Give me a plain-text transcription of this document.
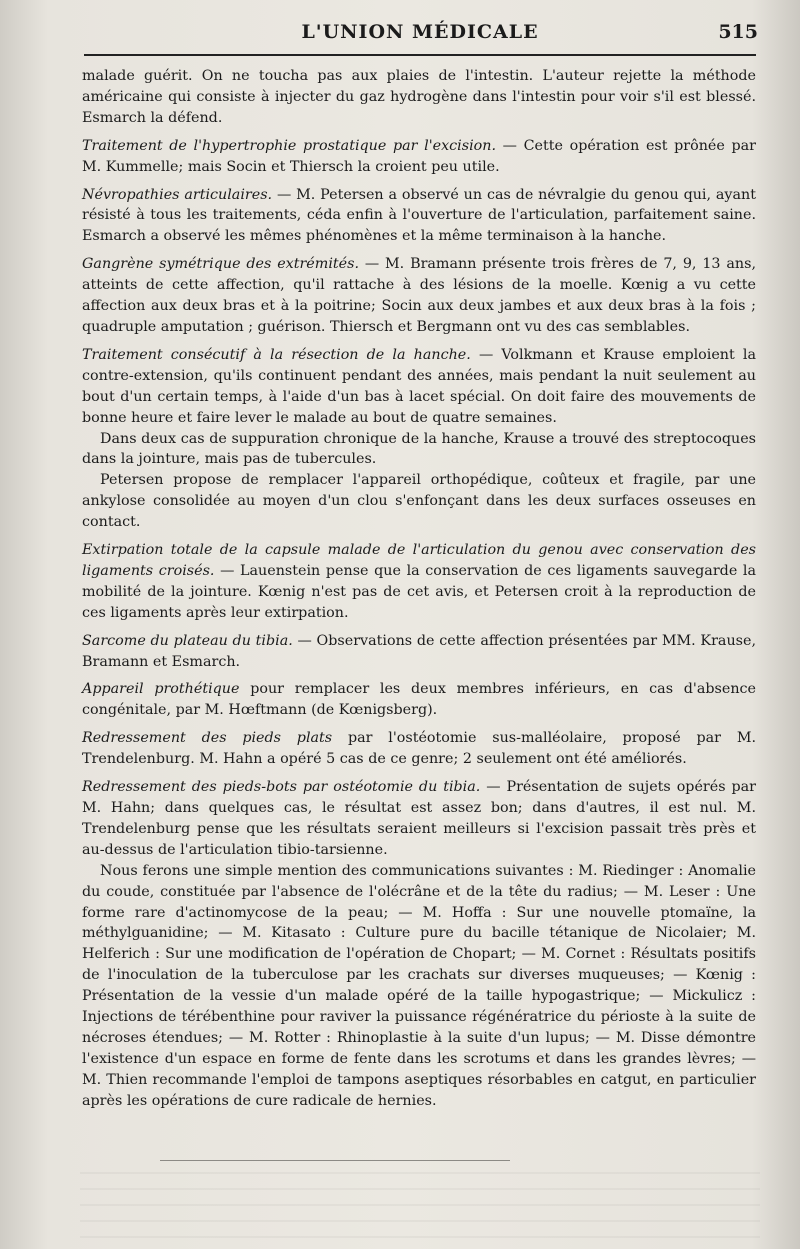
L'UNION MÉDICALE	515

malade guérit. On ne toucha pas aux plaies de l'intestin. L'auteur rejette la méthode américaine qui consiste à injecter du gaz hydrogène dans l'intestin pour voir s'il est blessé. Esmarch la défend.

Traitement de l'hypertrophie prostatique par l'excision. — Cette opération est prônée par M. Kummelle; mais Socin et Thiersch la croient peu utile.

Névropathies articulaires. — M. Petersen a observé un cas de névralgie du genou qui, ayant résisté à tous les traitements, céda enfin à l'ouverture de l'articulation, parfaitement saine. Esmarch a observé les mêmes phénomènes et la même terminaison à la hanche.

Gangrène symétrique des extrémités. — M. Bramann présente trois frères de 7, 9, 13 ans, atteints de cette affection, qu'il rattache à des lésions de la moelle. Kœnig a vu cette affection aux deux bras et à la poitrine; Socin aux deux jambes et aux deux bras à la fois ; quadruple amputation ; guérison. Thiersch et Bergmann ont vu des cas semblables.

Traitement consécutif à la résection de la hanche. — Volkmann et Krause emploient la contre-extension, qu'ils continuent pendant des années, mais pendant la nuit seulement au bout d'un certain temps, à l'aide d'un bas à lacet spécial. On doit faire des mouvements de bonne heure et faire lever le malade au bout de quatre semaines.

Dans deux cas de suppuration chronique de la hanche, Krause a trouvé des streptocoques dans la jointure, mais pas de tubercules.

Petersen propose de remplacer l'appareil orthopédique, coûteux et fragile, par une ankylose consolidée au moyen d'un clou s'enfonçant dans les deux surfaces osseuses en contact.

Extirpation totale de la capsule malade de l'articulation du genou avec conservation des ligaments croisés. — Lauenstein pense que la conservation de ces ligaments sauvegarde la mobilité de la jointure. Kœnig n'est pas de cet avis, et Petersen croit à la reproduction de ces ligaments après leur extirpation.

Sarcome du plateau du tibia. — Observations de cette affection présentées par MM. Krause, Bramann et Esmarch.

Appareil prothétique pour remplacer les deux membres inférieurs, en cas d'absence congénitale, par M. Hœftmann (de Kœnigsberg).

Redressement des pieds plats par l'ostéotomie sus-malléolaire, proposé par M. Trendelenburg. M. Hahn a opéré 5 cas de ce genre; 2 seulement ont été améliorés.

Redressement des pieds-bots par ostéotomie du tibia. — Présentation de sujets opérés par M. Hahn; dans quelques cas, le résultat est assez bon; dans d'autres, il est nul. M. Trendelenburg pense que les résultats seraient meilleurs si l'excision passait très près et au-dessus de l'articulation tibio-tarsienne.

Nous ferons une simple mention des communications suivantes : M. Riedinger : Anomalie du coude, constituée par l'absence de l'olécrâne et de la tête du radius; — M. Leser : Une forme rare d'actinomycose de la peau; — M. Hoffa : Sur une nouvelle ptomaïne, la méthylguanidine; — M. Kitasato : Culture pure du bacille tétanique de Nicolaier; M. Helferich : Sur une modification de l'opération de Chopart; — M. Cornet : Résultats positifs de l'inoculation de la tuberculose par les crachats sur diverses muqueuses; — Kœnig : Présentation de la vessie d'un malade opéré de la taille hypogastrique; — Mickulicz : Injections de térébenthine pour raviver la puissance régénératrice du périoste à la suite de nécroses étendues; — M. Rotter : Rhinoplastie à la suite d'un lupus; — M. Disse démontre l'existence d'un espace en forme de fente dans les scrotums et dans les grandes lèvres; — M. Thien recommande l'emploi de tampons aseptiques résorbables en catgut, en particulier après les opérations de cure radicale de hernies.
